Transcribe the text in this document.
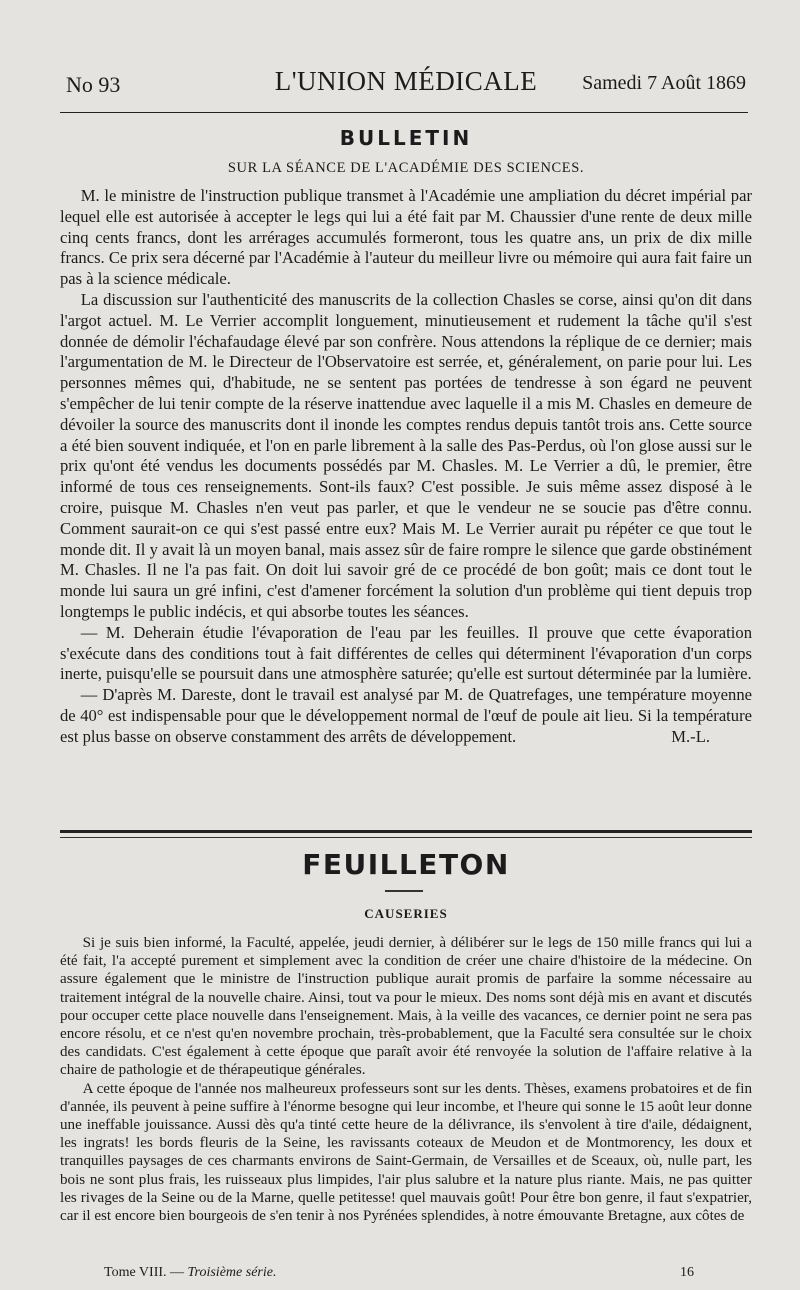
No 93	L'UNION MÉDICALE	Samedi 7 Août 1869
BULLETIN
SUR LA SÉANCE DE L'ACADÉMIE DES SCIENCES.

M. le ministre de l'instruction publique transmet à l'Académie une ampliation du décret impérial par lequel elle est autorisée à accepter le legs qui lui a été fait par M. Chaussier d'une rente de deux mille cinq cents francs, dont les arrérages accumulés formeront, tous les quatre ans, un prix de dix mille francs. Ce prix sera décerné par l'Académie à l'auteur du meilleur livre ou mémoire qui aura fait faire un pas à la science médicale.

La discussion sur l'authenticité des manuscrits de la collection Chasles se corse, ainsi qu'on dit dans l'argot actuel. M. Le Verrier accomplit longuement, minutieusement et rudement la tâche qu'il s'est donnée de démolir l'échafaudage élevé par son confrère. Nous attendons la réplique de ce dernier; mais l'argumentation de M. le Directeur de l'Observatoire est serrée, et, généralement, on parie pour lui. Les personnes mêmes qui, d'habitude, ne se sentent pas portées de tendresse à son égard ne peuvent s'empêcher de lui tenir compte de la réserve inattendue avec laquelle il a mis M. Chasles en demeure de dévoiler la source des manuscrits dont il inonde les comptes rendus depuis tantôt trois ans. Cette source a été bien souvent indiquée, et l'on en parle librement à la salle des Pas-Perdus, où l'on glose aussi sur le prix qu'ont été vendus les documents possédés par M. Chasles. M. Le Verrier a dû, le premier, être informé de tous ces renseignements. Sont-ils faux? C'est possible. Je suis même assez disposé à le croire, puisque M. Chasles n'en veut pas parler, et que le vendeur ne se soucie pas d'être connu. Comment saurait-on ce qui s'est passé entre eux? Mais M. Le Verrier aurait pu répéter ce que tout le monde dit. Il y avait là un moyen banal, mais assez sûr de faire rompre le silence que garde obstinément M. Chasles. Il ne l'a pas fait. On doit lui savoir gré de ce procédé de bon goût; mais ce dont tout le monde lui saura un gré infini, c'est d'amener forcément la solution d'un problème qui tient depuis trop longtemps le public indécis, et qui absorbe toutes les séances.

— M. Deherain étudie l'évaporation de l'eau par les feuilles. Il prouve que cette évaporation s'exécute dans des conditions tout à fait différentes de celles qui déterminent l'évaporation d'un corps inerte, puisqu'elle se poursuit dans une atmosphère saturée; qu'elle est surtout déterminée par la lumière.

— D'après M. Dareste, dont le travail est analysé par M. de Quatrefages, une température moyenne de 40° est indispensable pour que le développement normal de l'œuf de poule ait lieu. Si la température est plus basse on observe constamment des arrêts de développement.	M.-L.
FEUILLETON
CAUSERIES

Si je suis bien informé, la Faculté, appelée, jeudi dernier, à délibérer sur le legs de 150 mille francs qui lui a été fait, l'a accepté purement et simplement avec la condition de créer une chaire d'histoire de la médecine. On assure également que le ministre de l'instruction publique aurait promis de parfaire la somme nécessaire au traitement intégral de la nouvelle chaire. Ainsi, tout va pour le mieux. Des noms sont déjà mis en avant et discutés pour occuper cette place nouvelle dans l'enseignement. Mais, à la veille des vacances, ce dernier point ne sera pas encore résolu, et ce n'est qu'en novembre prochain, très-probablement, que la Faculté sera consultée sur le choix des candidats. C'est également à cette époque que paraît avoir été renvoyée la solution de l'affaire relative à la chaire de pathologie et de thérapeutique générales.

A cette époque de l'année nos malheureux professeurs sont sur les dents. Thèses, examens probatoires et de fin d'année, ils peuvent à peine suffire à l'énorme besogne qui leur incombe, et l'heure qui sonne le 15 août leur donne une ineffable jouissance. Aussi dès qu'a tinté cette heure de la délivrance, ils s'envolent à tire d'aile, dédaignent, les ingrats! les bords fleuris de la Seine, les ravissants coteaux de Meudon et de Montmorency, les doux et tranquilles paysages de ces charmants environs de Saint-Germain, de Versailles et de Sceaux, où, nulle part, les bois ne sont plus frais, les ruisseaux plus limpides, l'air plus salubre et la nature plus riante. Mais, ne pas quitter les rivages de la Seine ou de la Marne, quelle petitesse! quel mauvais goût! Pour être bon genre, il faut s'expatrier, car il est encore bien bourgeois de s'en tenir à nos Pyrénées splendides, à notre émouvante Bretagne, aux côtes de

Tome VIII. — Troisième série.	16
